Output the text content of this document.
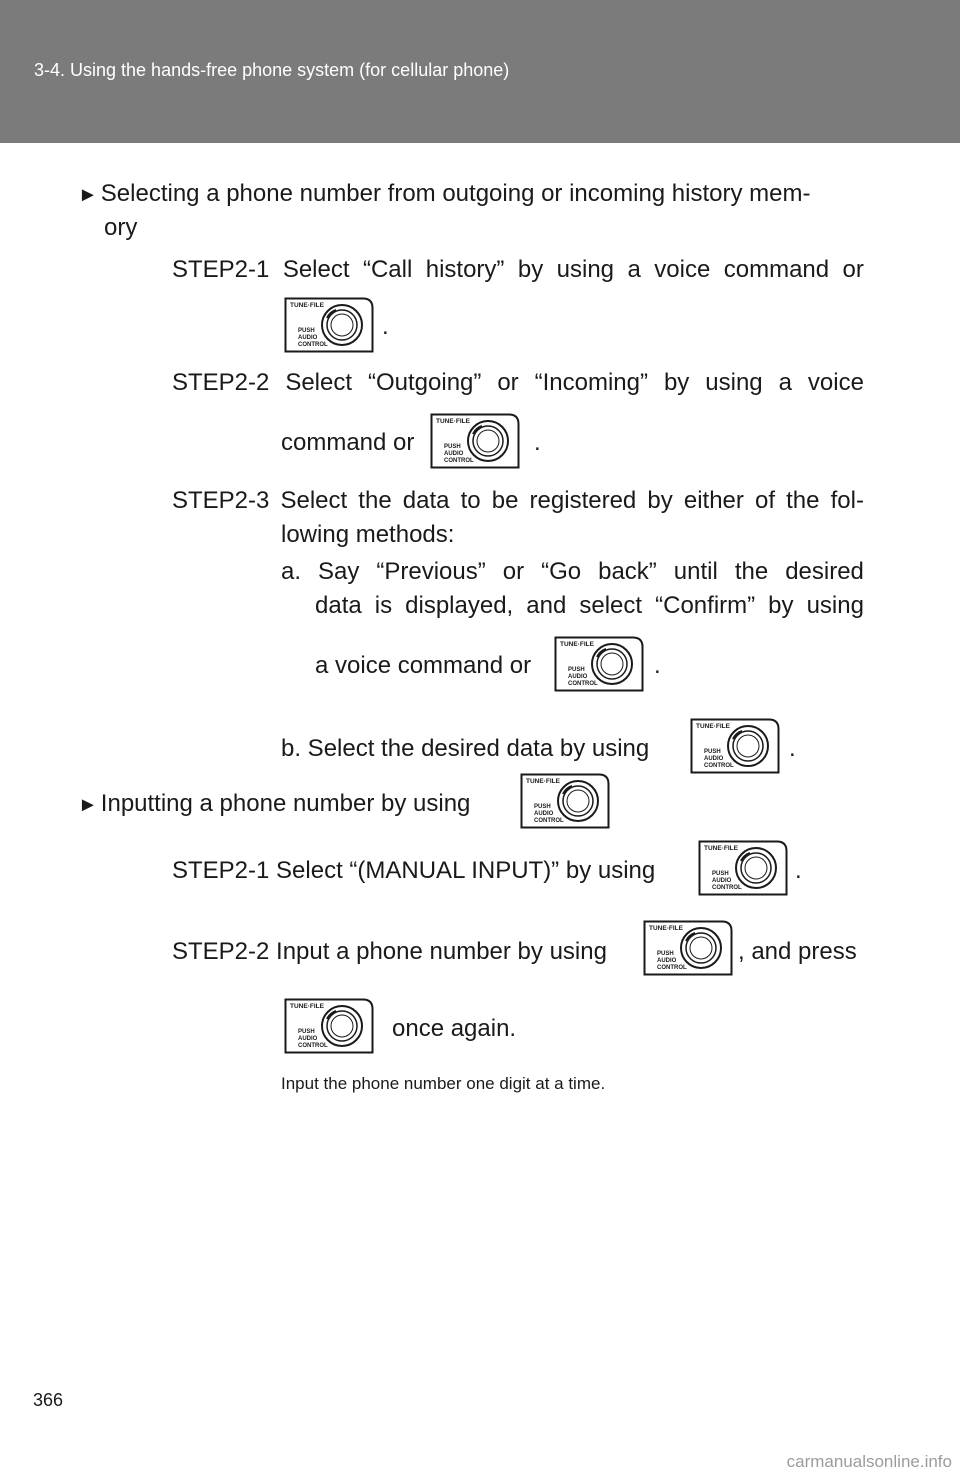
3-4. Using the hands-free phone system (for cellular phone)
► Selecting a phone number from outgoing or incoming history mem-
ory
STEP2-1 Select “Call history” by using a voice command or
.
STEP2-2 Select “Outgoing” or “Incoming” by using a voice
command or	.
STEP2-3 Select the data to be registered by either of the fol-
lowing methods:
a. Say “Previous” or “Go back” until the desired
data is displayed, and select “Confirm” by using
a voice command or	.
b. Select the desired data by using	.
► Inputting a phone number by using
STEP2-1 Select “(MANUAL INPUT)” by using	.
STEP2-2 Input a phone number by using	, and press
once again.
Input the phone number one digit at a time.
366
carmanualsonline.info
